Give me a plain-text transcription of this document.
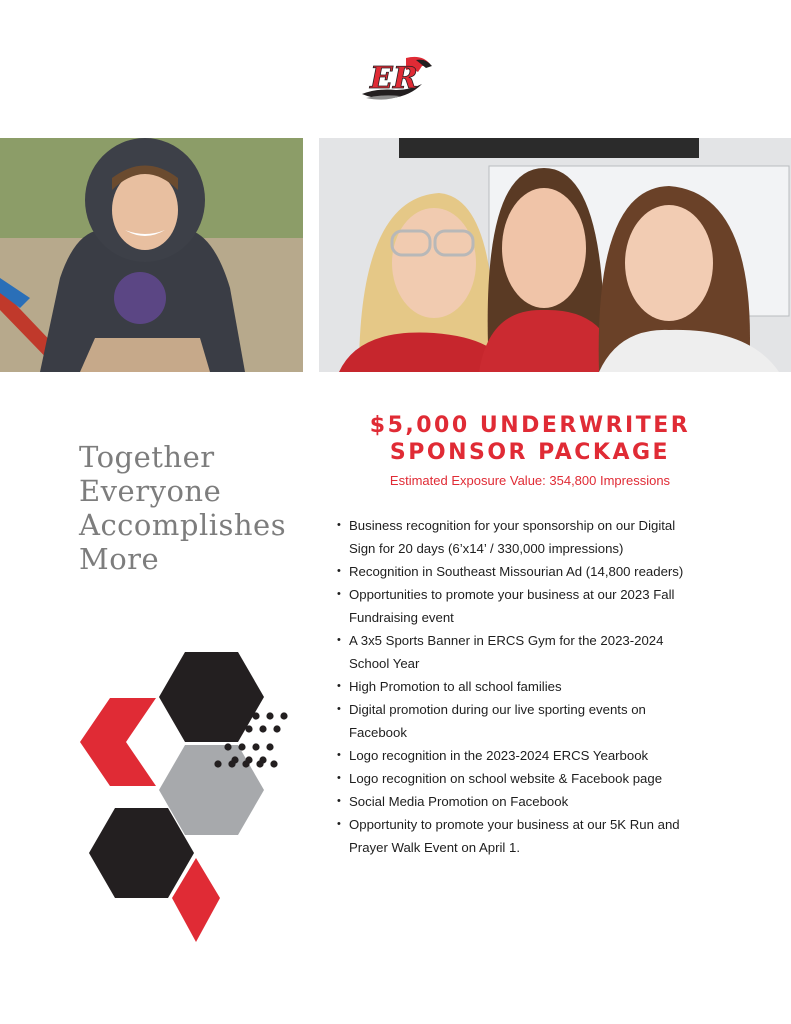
ER
Together
Everyone
Accomplishes
More
$5,000 UNDERWRITER
SPONSOR PACKAGE

Estimated Exposure Value: 354,800 Impressions

• Business recognition for your sponsorship on our Digital
Sign for 20 days (6’x14’ / 330,000 impressions)
• Recognition in Southeast Missourian Ad (14,800 readers)
• Opportunities to promote your business at our 2023 Fall
Fundraising event
• A 3x5 Sports Banner in ERCS Gym for the 2023-2024
School Year
• High Promotion to all school families
• Digital promotion during our live sporting events on
Facebook
• Logo recognition in the 2023-2024 ERCS Yearbook
• Logo recognition on school website & Facebook page
• Social Media Promotion on Facebook
• Opportunity to promote your business at our 5K Run and
Prayer Walk Event on April 1.
